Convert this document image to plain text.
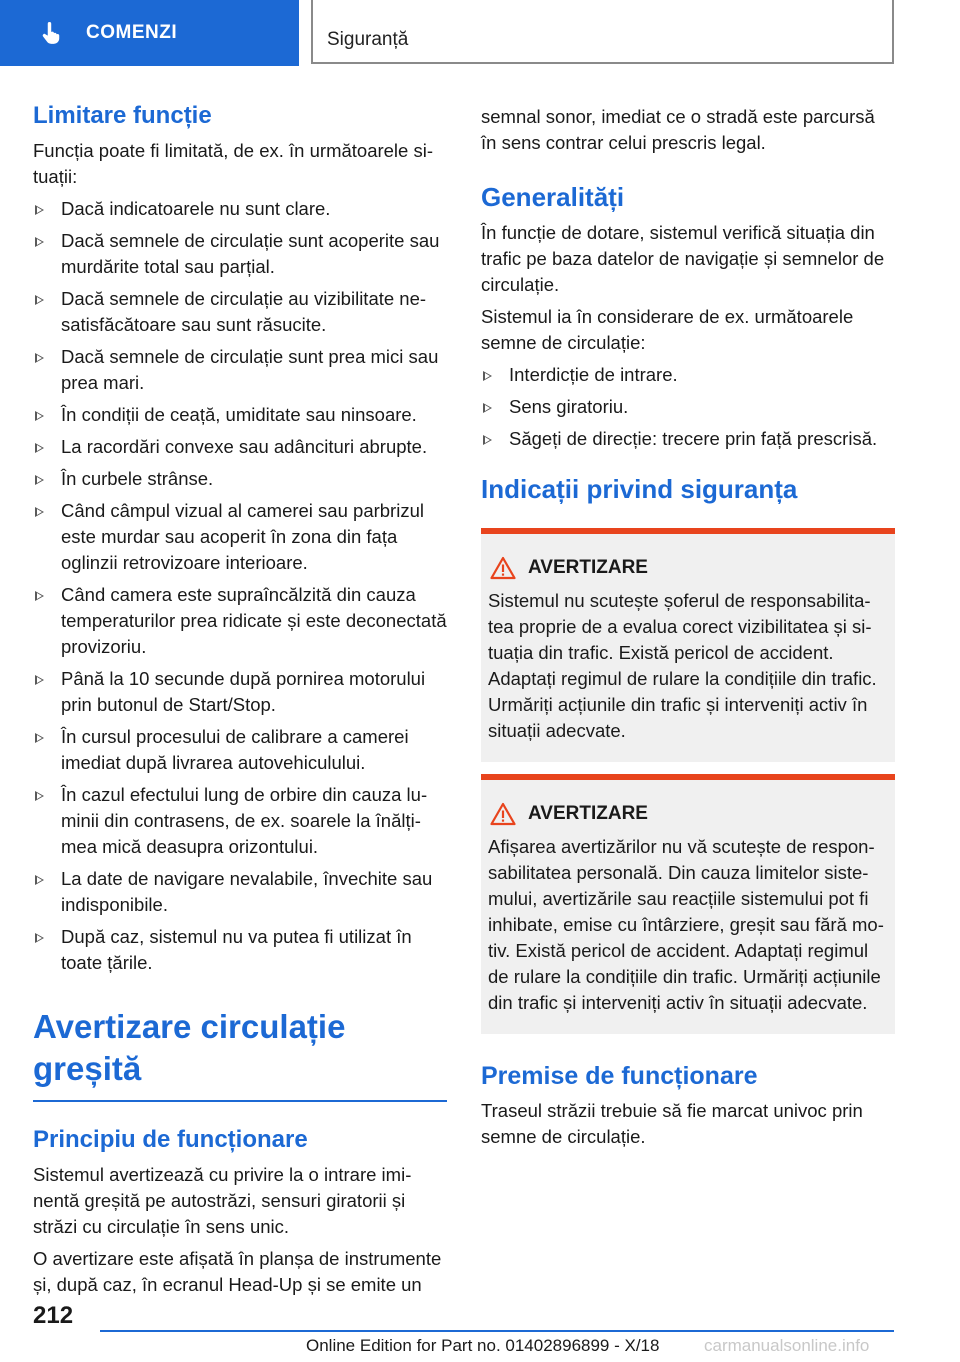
COMENZI	Siguranță
Limitare funcție

Funcția poate fi limitată, de ex. în următoarele situații:

Dacă indicatoarele nu sunt clare.
Dacă semnele de circulație sunt acoperite sau murdărite total sau parțial.
Dacă semnele de circulație au vizibilitate nesatisfăcătoare sau sunt răsucite.
Dacă semnele de circulație sunt prea mici sau prea mari.
În condiții de ceață, umiditate sau ninsoare.
La racordări convexe sau adâncituri abrupte.
În curbele strânse.
Când câmpul vizual al camerei sau parbrizul este murdar sau acoperit în zona din fața oglinzii retrovizoare interioare.
Când camera este supraîncălzită din cauza temperaturilor prea ridicate și este deconectată provizoriu.
Până la 10 secunde după pornirea motorului prin butonul de Start/Stop.
În cursul procesului de calibrare a camerei imediat după livrarea autovehiculului.
În cazul efectului lung de orbire din cauza luminii din contrasens, de ex. soarele la înălțimea mică deasupra orizontului.
La date de navigare nevalabile, învechite sau indisponibile.
După caz, sistemul nu va putea fi utilizat în toate țările.
Avertizare circulație greșită
Principiu de funcționare

Sistemul avertizează cu privire la o intrare iminentă greșită pe autostrăzi, sensuri giratorii și străzi cu circulație în sens unic.

O avertizare este afișată în planșa de instrumente și, după caz, în ecranul Head-Up și se emite un

semnal sonor, imediat ce o stradă este parcursă în sens contrar celui prescris legal.

Generalități

În funcție de dotare, sistemul verifică situația din trafic pe baza datelor de navigație și semnelor de circulație.

Sistemul ia în considerare de ex. următoarele semne de circulație:

Interdicție de intrare.
Sens giratoriu.
Săgeți de direcție: trecere prin față prescrisă.
Indicații privind siguranța
AVERTIZARE

Sistemul nu scutește șoferul de responsabilitatea proprie de a evalua corect vizibilitatea și situația din trafic. Există pericol de accident. Adaptați regimul de rulare la condițiile din trafic. Urmăriți acțiunile din trafic și interveniți activ în situații adecvate.

AVERTIZARE

Afișarea avertizărilor nu vă scutește de responsabilitatea personală. Din cauza limitelor sistemului, avertizările sau reacțiile sistemului pot fi inhibate, emise cu întârziere, greșit sau fără motiv. Există pericol de accident. Adaptați regimul de rulare la condițiile din trafic. Urmăriți acțiunile din trafic și interveniți activ în situații adecvate.

Premise de funcționare

Traseul străzii trebuie să fie marcat univoc prin semne de circulație.

212
Online Edition for Part no. 01402896899 - X/18	carmanualsonline.info
